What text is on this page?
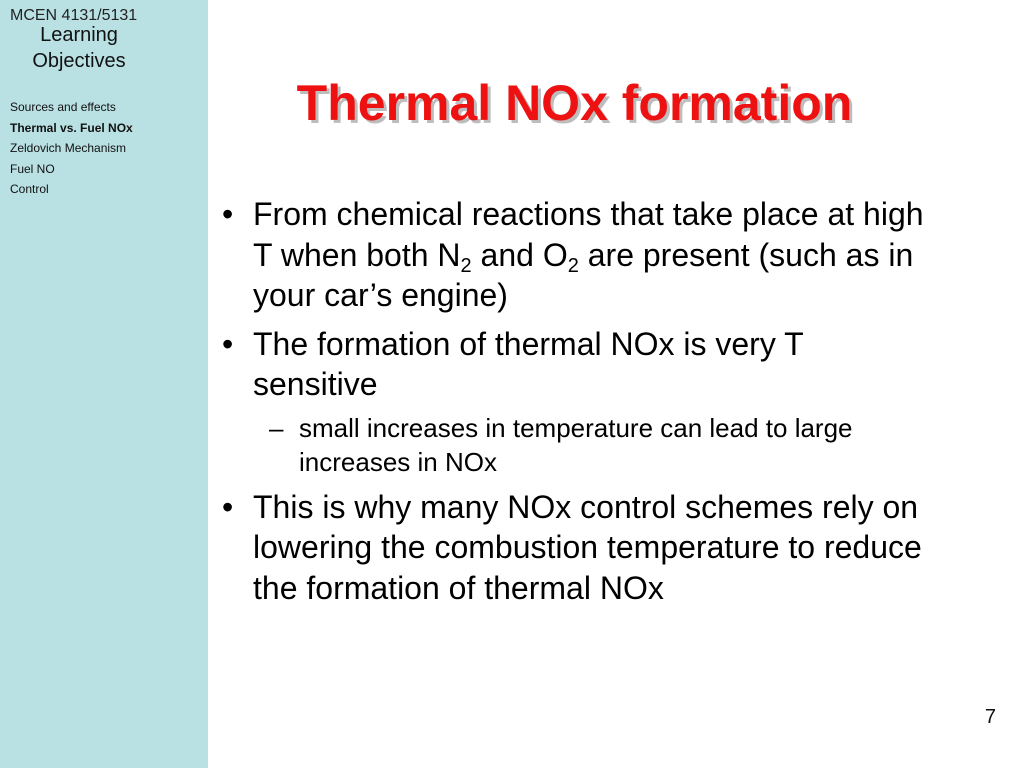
MCEN 4131/5131
Learning
Objectives
Sources and effects
Thermal vs. Fuel NOx
Zeldovich Mechanism
Fuel NO
Control
Thermal NOx formation
• From chemical reactions that take place at high T when both $N_2$ and $O_2$ are present (such as in your car’s engine)
• The formation of thermal NOx is very T sensitive
– small increases in temperature can lead to large increases in NOx
• This is why many NOx control schemes rely on lowering the combustion temperature to reduce the formation of thermal NOx
7
